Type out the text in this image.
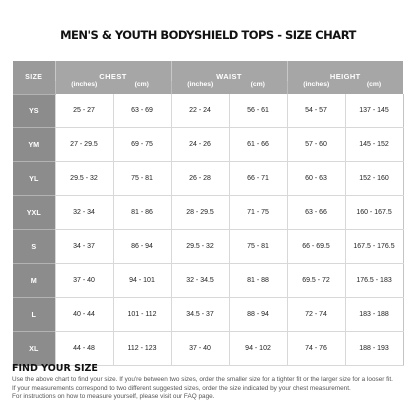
MEN'S & YOUTH BODYSHIELD TOPS - SIZE CHART
SIZE	CHEST		WAIST		HEIGHT	
	(inches)	(cm)	(inches)	(cm)	(inches)	(cm)
YS	25 - 27	63 - 69	22 - 24	56 - 61	54 - 57	137 - 145
YM	27 - 29.5	69 - 75	24 - 26	61 - 66	57 - 60	145 - 152
YL	29.5 - 32	75 - 81	26 - 28	66 - 71	60 - 63	152 - 160
YXL	32 - 34	81 - 86	28 - 29.5	71 - 75	63 - 66	160 - 167.5
S	34 - 37	86 - 94	29.5 - 32	75 - 81	66 - 69.5	167.5 - 176.5
M	37 - 40	94 - 101	32 - 34.5	81 - 88	69.5 - 72	176.5 - 183
L	40 - 44	101 - 112	34.5 - 37	88 - 94	72 - 74	183 - 188
XL	44 - 48	112 - 123	37 - 40	94 - 102	74 - 76	188 - 193
FIND YOUR SIZE

Use the above chart to find your size. If you're between two sizes, order the smaller size for a tighter fit or the larger size for a looser fit.

If your measurements correspond to two different suggested sizes, order the size indicated by your chest measurement.

For instructions on how to measure yourself, please visit our FAQ page.
